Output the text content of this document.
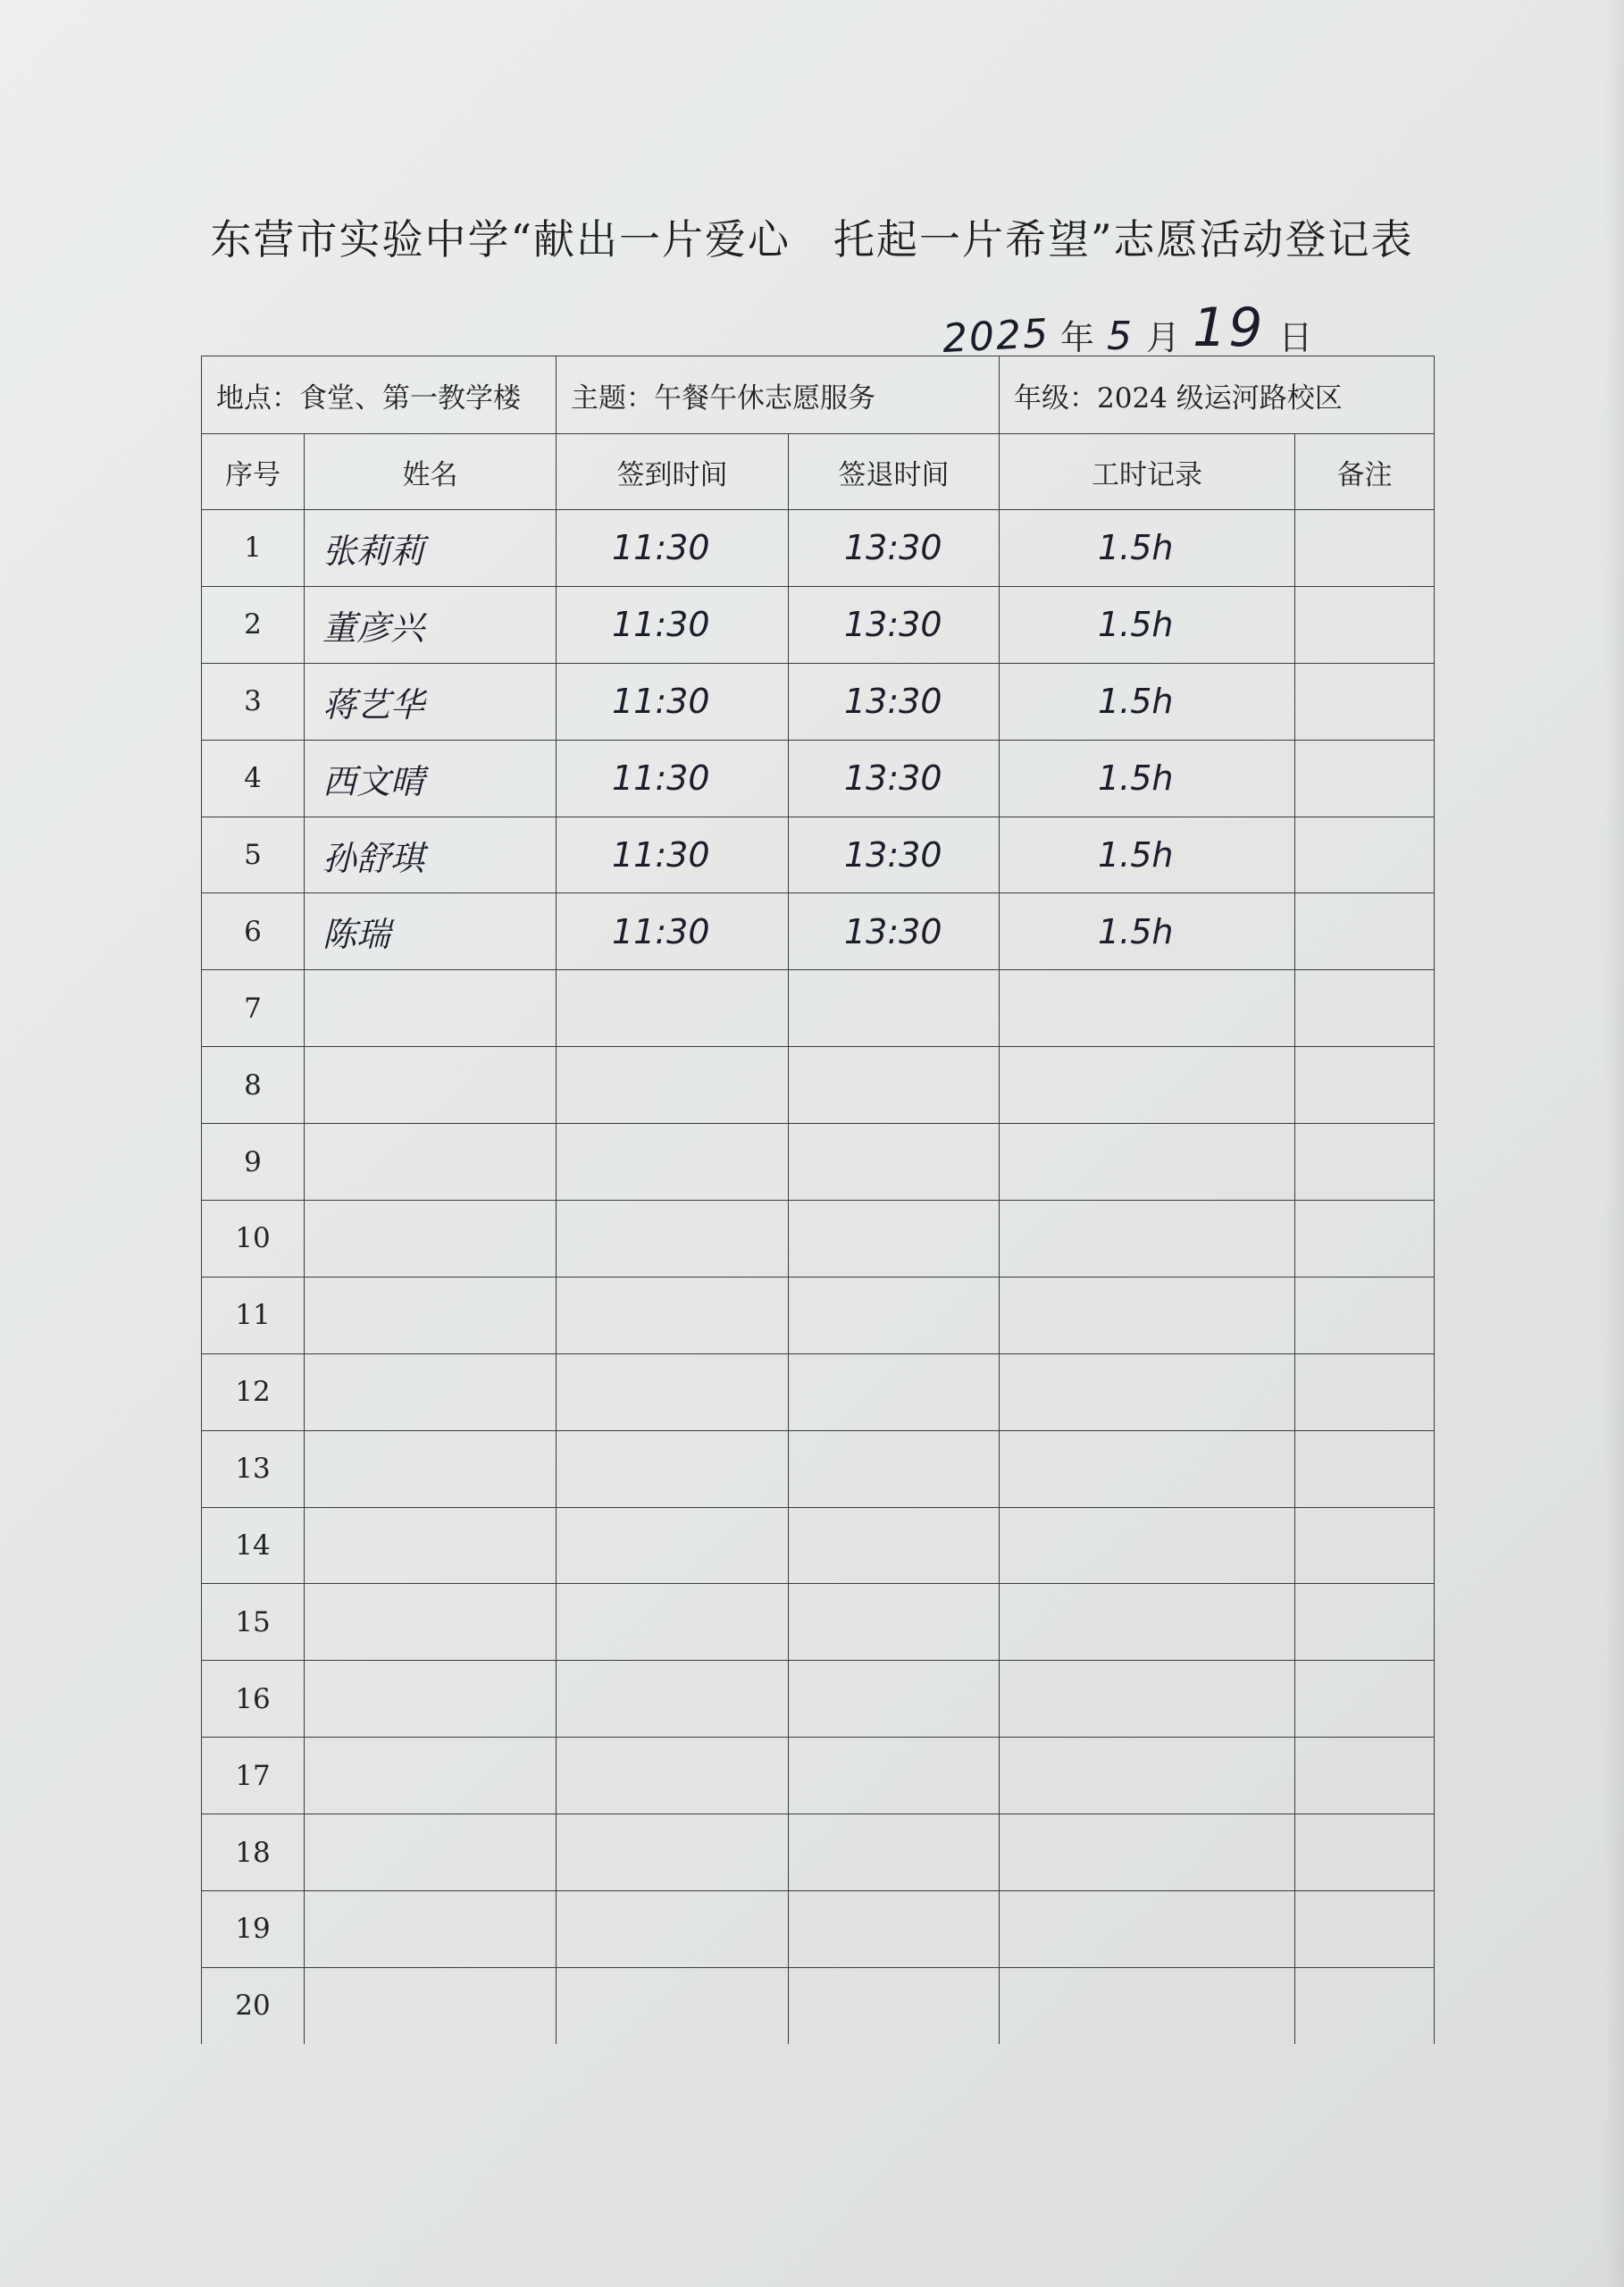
东营市实验中学“献出一片爱心　托起一片希望”志愿活动登记表
2025 年 5 月 19 日
地点：食堂、第一教学楼		主题：午餐午休志愿服务		年级：2024 级运河路校区	
序号	姓名	签到时间	签退时间	工时记录	备注
1	张莉莉	11:30	13:30	1.5h	
2	董彦兴	11:30	13:30	1.5h	
3	蒋艺华	11:30	13:30	1.5h	
4	西文晴	11:30	13:30	1.5h	
5	孙舒琪	11:30	13:30	1.5h	
6	陈瑞	11:30	13:30	1.5h	
7					
8					
9					
10					
11					
12					
13					
14					
15					
16					
17					
18					
19					
20					
